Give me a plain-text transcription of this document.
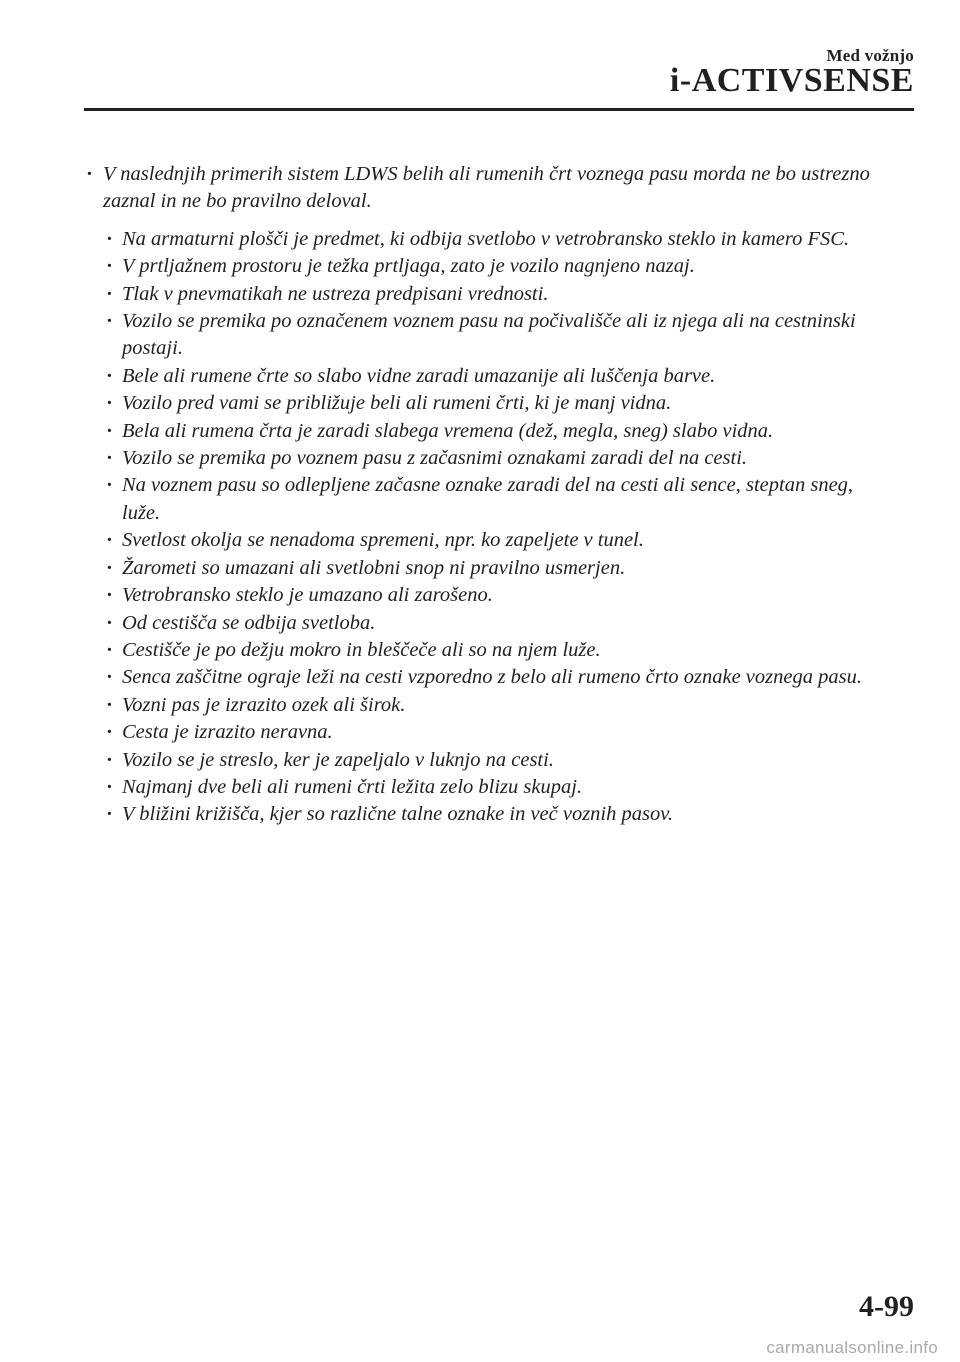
Med vožnjo
i-ACTIVSENSE
· V naslednjih primerih sistem LDWS belih ali rumenih črt voznega pasu morda ne bo ustrezno zaznal in ne bo pravilno deloval.
· Na armaturni plošči je predmet, ki odbija svetlobo v vetrobransko steklo in kamero FSC.
· V prtljažnem prostoru je težka prtljaga, zato je vozilo nagnjeno nazaj.
· Tlak v pnevmatikah ne ustreza predpisani vrednosti.
· Vozilo se premika po označenem voznem pasu na počivališče ali iz njega ali na cestninski postaji.
· Bele ali rumene črte so slabo vidne zaradi umazanije ali luščenja barve.
· Vozilo pred vami se približuje beli ali rumeni črti, ki je manj vidna.
· Bela ali rumena črta je zaradi slabega vremena (dež, megla, sneg) slabo vidna.
· Vozilo se premika po voznem pasu z začasnimi oznakami zaradi del na cesti.
· Na voznem pasu so odlepljene začasne oznake zaradi del na cesti ali sence, steptan sneg, luže.
· Svetlost okolja se nenadoma spremeni, npr. ko zapeljete v tunel.
· Žarometi so umazani ali svetlobni snop ni pravilno usmerjen.
· Vetrobransko steklo je umazano ali zarošeno.
· Od cestišča se odbija svetloba.
· Cestišče je po dežju mokro in bleščeče ali so na njem luže.
· Senca zaščitne ograje leži na cesti vzporedno z belo ali rumeno črto oznake voznega pasu.
· Vozni pas je izrazito ozek ali širok.
· Cesta je izrazito neravna.
· Vozilo se je streslo, ker je zapeljalo v luknjo na cesti.
· Najmanj dve beli ali rumeni črti ležita zelo blizu skupaj.
· V bližini križišča, kjer so različne talne oznake in več voznih pasov.
4-99
carmanualsonline.info
